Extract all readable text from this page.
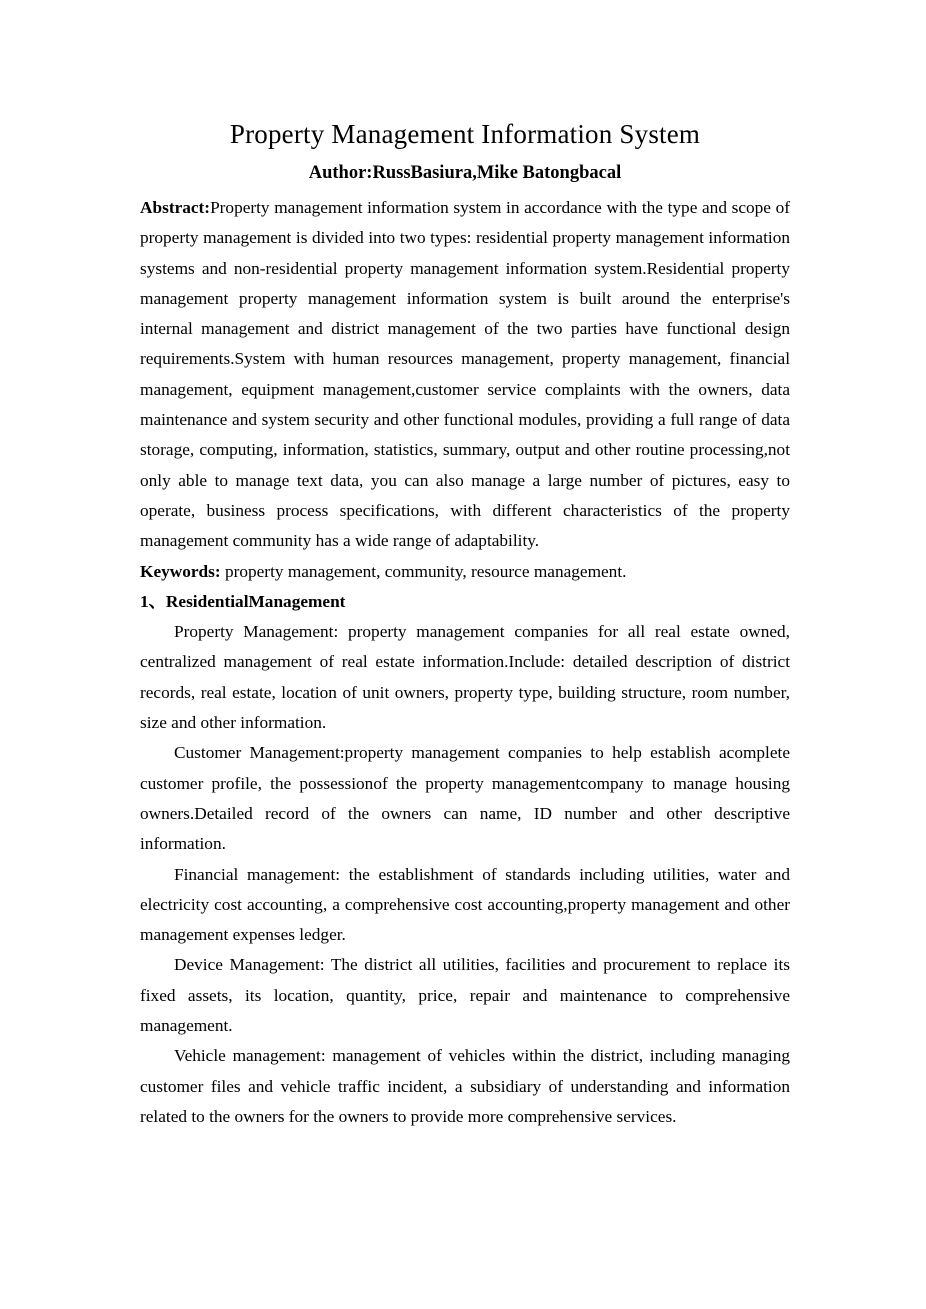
Property Management Information System
Author:RussBasiura,Mike Batongbacal

Abstract:Property management information system in accordance with the type and scope of property management is divided into two types: residential property management information systems and non-residential property management information system.Residential property management property management information system is built around the enterprise's internal management and district management of the two parties have functional design requirements.System with human resources management, property management, financial management, equipment management,customer service complaints with the owners, data maintenance and system security and other functional modules, providing a full range of data storage, computing, information, statistics, summary, output and other routine processing,not only able to manage text data, you can also manage a large number of pictures, easy to operate, business process specifications, with different characteristics of the property management community has a wide range of adaptability.

Keywords: property management, community, resource management.

1、ResidentialManagement

Property Management: property management companies for all real estate owned, centralized management of real estate information.Include: detailed description of district records, real estate, location of unit owners, property type, building structure, room number, size and other information.

Customer Management:property management companies to help establish acomplete customer profile, the possessionof the property managementcompany to manage housing owners.Detailed record of the owners can name, ID number and other descriptive information.

Financial management: the establishment of standards including utilities, water and electricity cost accounting, a comprehensive cost accounting,property management and other management expenses ledger.

Device Management: The district all utilities, facilities and procurement to replace its fixed assets, its location, quantity, price, repair and maintenance to comprehensive management.

Vehicle management: management of vehicles within the district, including managing customer files and vehicle traffic incident, a subsidiary of understanding and information related to the owners for the owners to provide more comprehensive services.
